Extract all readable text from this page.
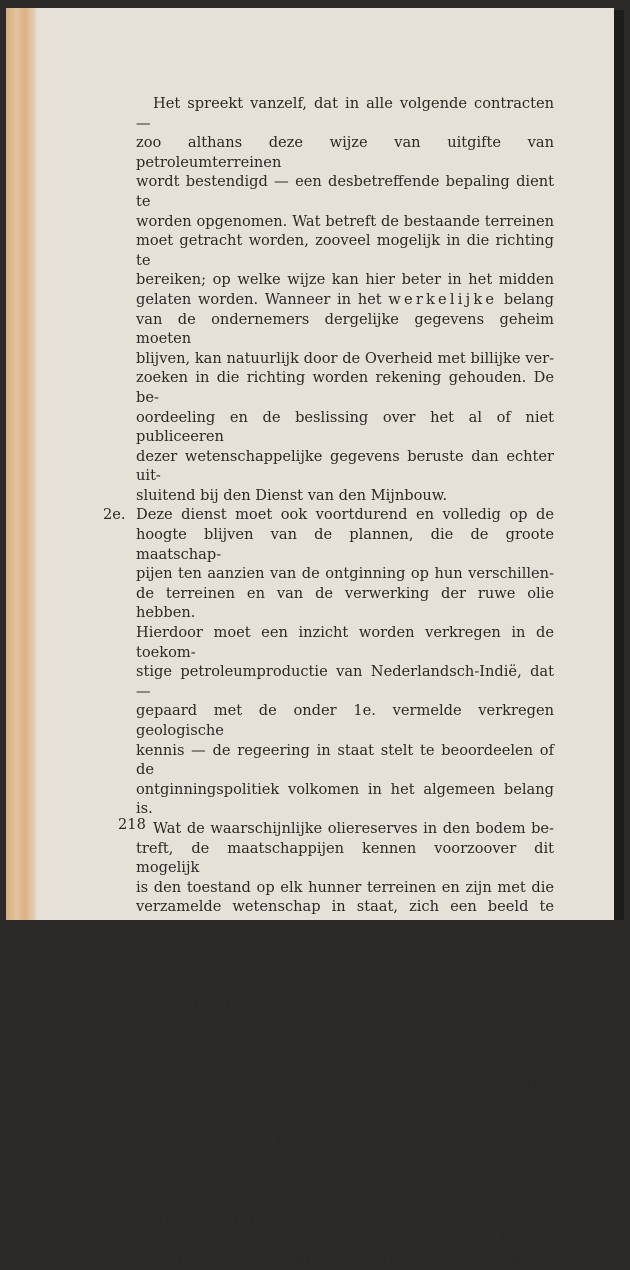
Het spreekt vanzelf, dat in alle volgende contracten —

zoo althans deze wijze van uitgifte van petroleumterreinen

wordt bestendigd — een desbetreffende bepaling dient te

worden opgenomen. Wat betreft de bestaande terreinen

moet getracht worden, zooveel mogelijk in die richting te

bereiken; op welke wijze kan hier beter in het midden

gelaten worden. Wanneer in het werkelijke belang

van de ondernemers dergelijke gegevens geheim moeten

blijven, kan natuurlijk door de Overheid met billijke ver-

zoeken in die richting worden rekening gehouden. De be-

oordeeling en de beslissing over het al of niet publiceeren

dezer wetenschappelijke gegevens beruste dan echter uit-

sluitend bij den Dienst van den Mijnbouw.

2e. Deze dienst moet ook voortdurend en volledig op de

hoogte blijven van de plannen, die de groote maatschap-

pijen ten aanzien van de ontginning op hun verschillen-

de terreinen en van de verwerking der ruwe olie hebben.

Hierdoor moet een inzicht worden verkregen in de toekom-

stige petroleumproductie van Nederlandsch-Indië, dat —

gepaard met de onder 1e. vermelde verkregen geologische

kennis — de regeering in staat stelt te beoordeelen of de

ontginningspolitiek volkomen in het algemeen belang is.

Wat de waarschijnlijke oliereserves in den bodem be-

treft, de maatschappijen kennen voorzoover dit mogelijk

is den toestand op elk hunner terreinen en zijn met die

verzamelde wetenschap in staat, zich een beeld te vormen

van hun productiemogelijkheden in de toekomst. Zoo was

volgens den hiervóór genoemden Dr. Rutten (die echter

een buitenstaander is) de toekomst in 1927 zoodanig, dat

het einde der exploitatie in Noord-Sumatra niet ver meer

verwijderd was en dat daarna wellicht Zuid-Sumatra zou

volgen, maar dat voor belangrijken achteruitgang van

de opbrengst van Java en Borneo voorloopig nog geen

vrees behoefde te bestaan. Intusschen — dit is alles weer

15 jaren geleden, na een sterk opgedreven productie

in dien tijd. Het wordt daarom hoog tijd, dat niet alleen

B.P.M. en Koloniale alles omtrent de capaciteit hunner

terreinen weten, maar in de eerste plaats — zij het

218
